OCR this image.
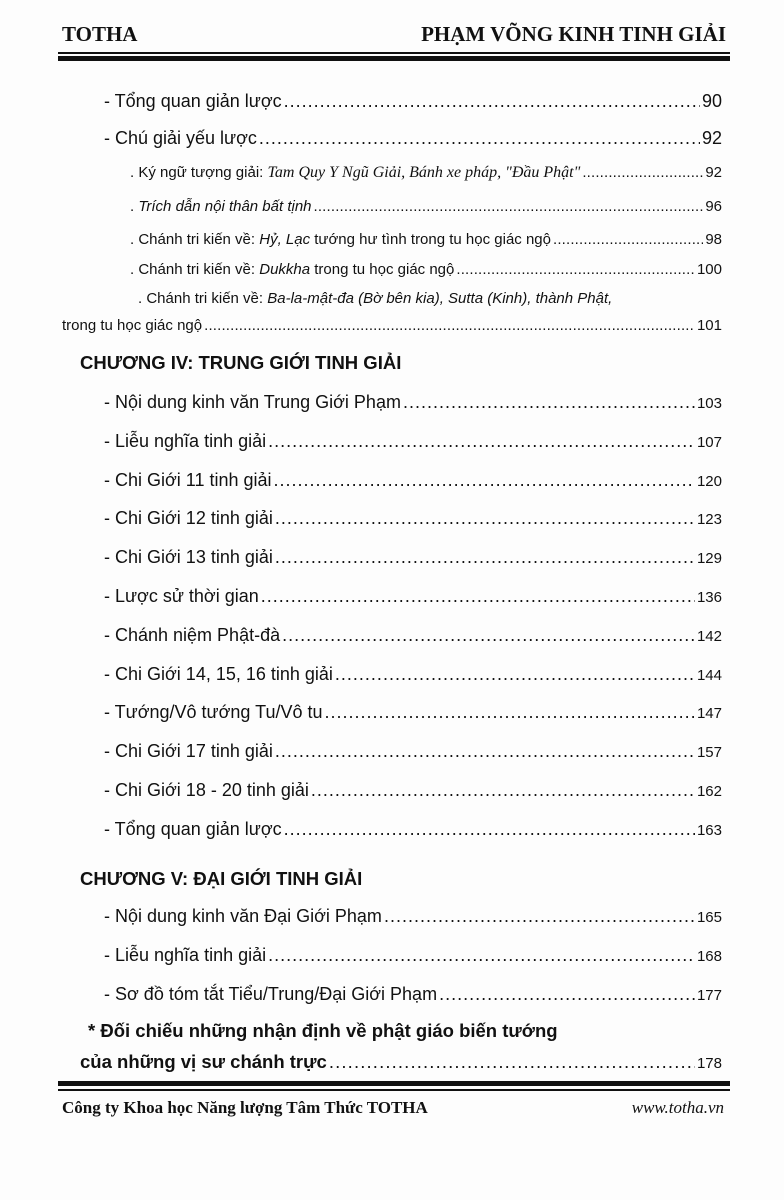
TOTHA	PHẠM VÕNG KINH TINH GIẢI
- Tổng quan giản lược . . .	90
- Chú giải yếu lược . . .	92
. Ký ngữ tượng giải: Tam Quy Y Ngũ Giải, Bánh xe pháp, "Đầu Phật" . . .	92
. Trích dẫn nội thân bất tịnh . . .	96
. Chánh tri kiến về: Hỷ, Lạc tướng hư tình trong tu học giác ngộ . . .	98
. Chánh tri kiến về: Dukkha trong tu học giác ngộ . . .	100
. Chánh tri kiến về: Ba-la-mật-đa (Bờ bên kia), Sutta (Kinh), thành Phật,
trong tu học giác ngộ . . .	101
CHƯƠNG IV: TRUNG GIỚI TINH GIẢI
- Nội dung kinh văn Trung Giới Phạm . . .	103
- Liễu nghĩa tinh giải . . .	107
- Chi Giới 11 tinh giải . . .	120
- Chi Giới 12 tinh giải . . .	123
- Chi Giới 13 tinh giải . . .	129
- Lược sử thời gian . . .	136
- Chánh niệm Phật-đà . . .	142
- Chi Giới 14, 15, 16 tinh giải . . .	144
- Tướng/Vô tướng Tu/Vô tu . . .	147
- Chi Giới 17 tinh giải . . .	157
- Chi Giới 18 - 20 tinh giải . . .	162
- Tổng quan giản lược . . .	163
CHƯƠNG V: ĐẠI GIỚI TINH GIẢI
- Nội dung kinh văn Đại Giới Phạm . . .	165
- Liễu nghĩa tinh giải . . .	168
- Sơ đồ tóm tắt Tiểu/Trung/Đại Giới Phạm . . .	177
* Đối chiếu những nhận định về phật giáo biến tướng
của những vị sư chánh trực . . .	178
Công ty Khoa học Năng lượng Tâm Thức TOTHA	www.totha.vn
